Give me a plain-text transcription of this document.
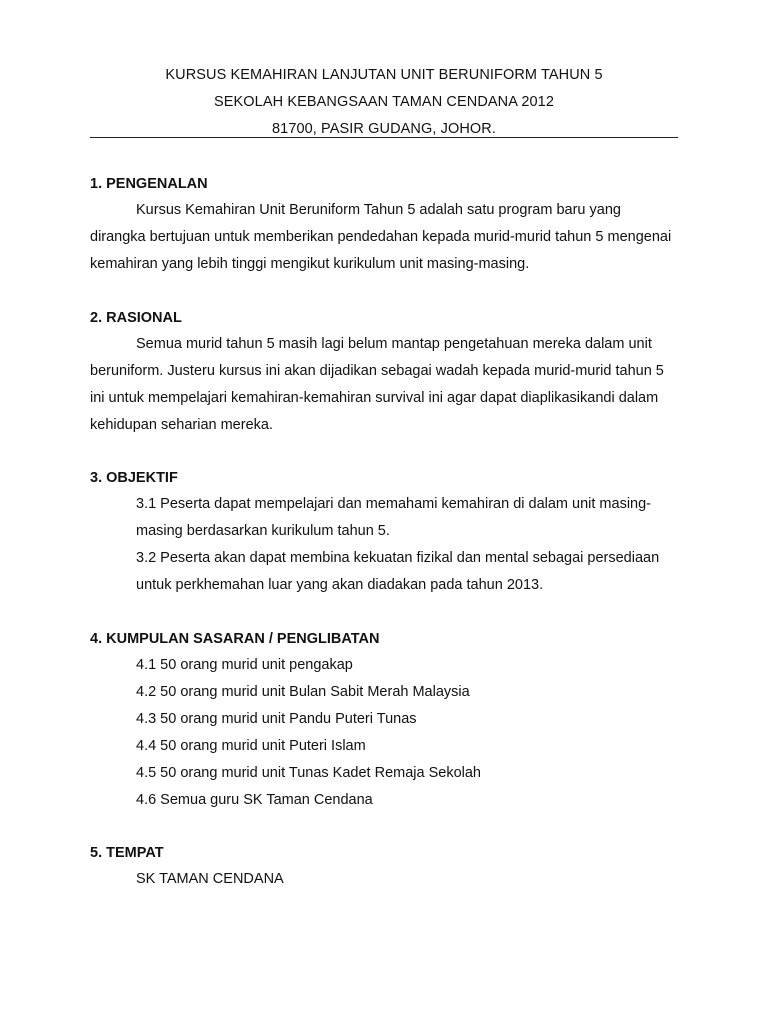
KURSUS KEMAHIRAN LANJUTAN UNIT BERUNIFORM TAHUN 5
SEKOLAH KEBANGSAAN TAMAN CENDANA 2012
81700, PASIR GUDANG, JOHOR.
1. PENGENALAN
Kursus Kemahiran Unit Beruniform Tahun 5 adalah satu program baru yang dirangka bertujuan untuk memberikan pendedahan kepada murid-murid tahun 5 mengenai kemahiran yang lebih tinggi mengikut kurikulum unit masing-masing.
2. RASIONAL
Semua murid tahun 5 masih lagi belum mantap pengetahuan mereka dalam unit beruniform. Justeru kursus ini akan dijadikan sebagai wadah kepada murid-murid tahun 5 ini untuk mempelajari kemahiran-kemahiran survival ini agar dapat diaplikasikandi dalam kehidupan seharian mereka.
3. OBJEKTIF
3.1 Peserta dapat mempelajari dan memahami kemahiran di dalam unit masing-masing berdasarkan kurikulum tahun 5.
3.2 Peserta akan dapat membina kekuatan fizikal dan mental sebagai persediaan untuk perkhemahan luar yang akan diadakan pada tahun 2013.
4. KUMPULAN SASARAN / PENGLIBATAN
4.1 50 orang murid unit pengakap
4.2 50 orang murid unit Bulan Sabit Merah Malaysia
4.3 50 orang murid unit Pandu Puteri Tunas
4.4 50 orang murid unit Puteri Islam
4.5 50 orang murid unit Tunas Kadet Remaja Sekolah
4.6 Semua guru SK Taman Cendana
5. TEMPAT
SK TAMAN CENDANA
